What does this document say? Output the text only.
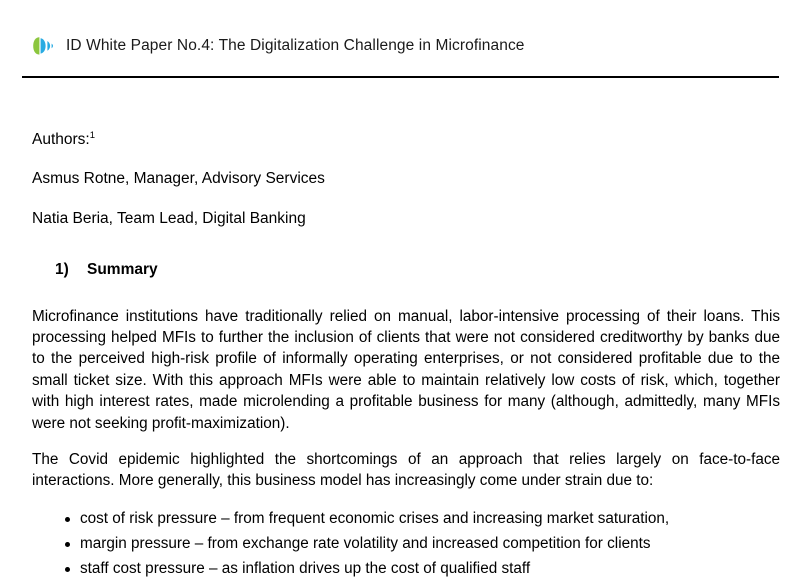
ID White Paper No.4: The Digitalization Challenge in Microfinance

Authors:$^1$

Asmus Rotne, Manager, Advisory Services

Natia Beria, Team Lead, Digital Banking

1) Summary

Microfinance institutions have traditionally relied on manual, labor-intensive processing of their loans. This processing helped MFIs to further the inclusion of clients that were not considered creditworthy by banks due to the perceived high-risk profile of informally operating enterprises, or not considered profitable due to the small ticket size. With this approach MFIs were able to maintain relatively low costs of risk, which, together with high interest rates, made microlending a profitable business for many (although, admittedly, many MFIs were not seeking profit-maximization).

The Covid epidemic highlighted the shortcomings of an approach that relies largely on face-to-face interactions. More generally, this business model has increasingly come under strain due to:

cost of risk pressure – from frequent economic crises and increasing market saturation,
margin pressure – from exchange rate volatility and increased competition for clients
staff cost pressure – as inflation drives up the cost of qualified staff
